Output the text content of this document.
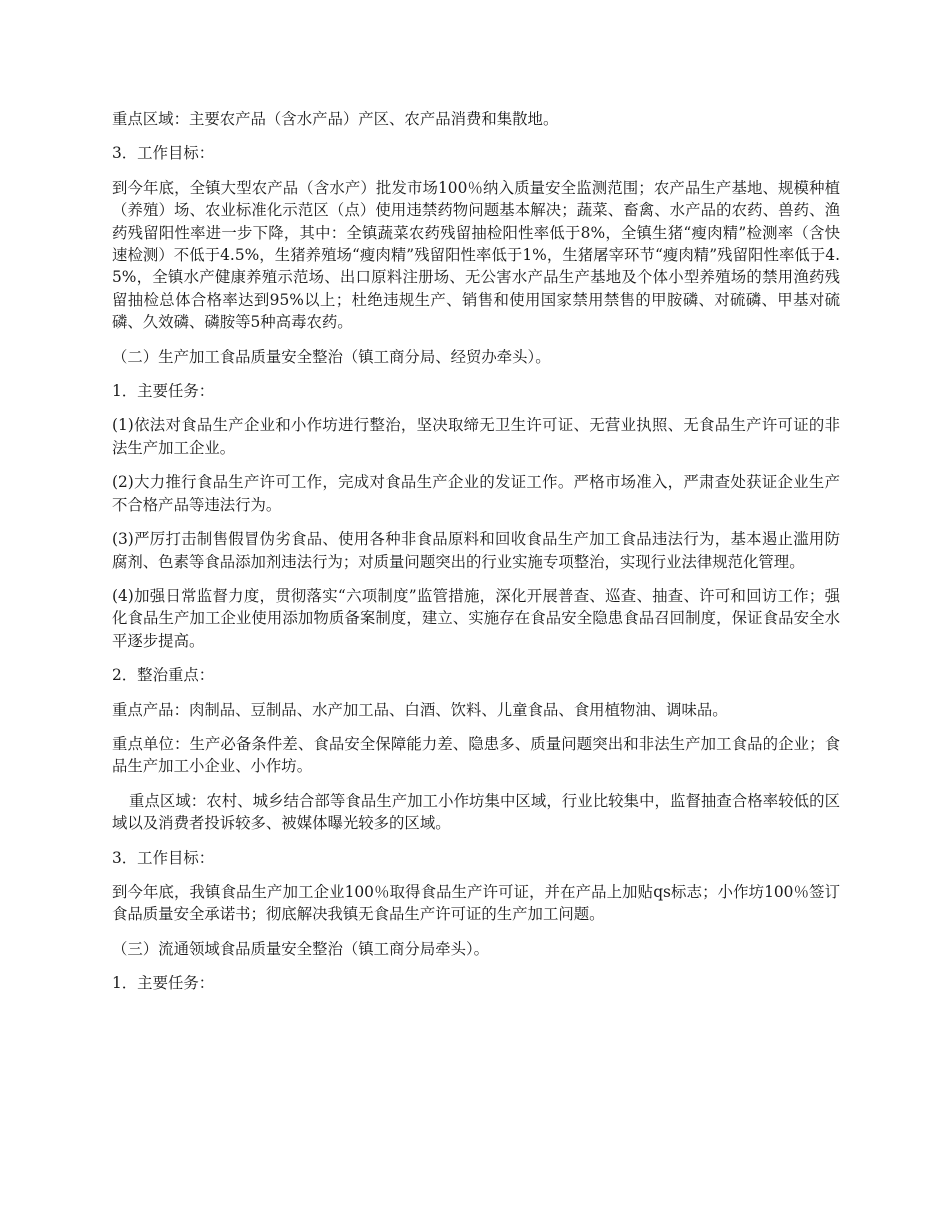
重点区域：主要农产品（含水产品）产区、农产品消费和集散地。

3．工作目标：

到今年底，全镇大型农产品（含水产）批发市场100％纳入质量安全监测范围；农产品生产基地、规模种植（养殖）场、农业标准化示范区（点）使用违禁药物问题基本解决；蔬菜、畜禽、水产品的农药、兽药、渔药残留阳性率进一步下降，其中：全镇蔬菜农药残留抽检阳性率低于8%，全镇生猪“瘦肉精”检测率（含快速检测）不低于4.5%，生猪养殖场“瘦肉精”残留阳性率低于1%，生猪屠宰环节“瘦肉精”残留阳性率低于4.5%，全镇水产健康养殖示范场、出口原料注册场、无公害水产品生产基地及个体小型养殖场的禁用渔药残留抽检总体合格率达到95%以上；杜绝违规生产、销售和使用国家禁用禁售的甲胺磷、对硫磷、甲基对硫磷、久效磷、磷胺等5种高毒农药。

（二）生产加工食品质量安全整治（镇工商分局、经贸办牵头）。

1．主要任务：

(1)依法对食品生产企业和小作坊进行整治，坚决取缔无卫生许可证、无营业执照、无食品生产许可证的非法生产加工企业。

(2)大力推行食品生产许可工作，完成对食品生产企业的发证工作。严格市场准入，严肃查处获证企业生产不合格产品等违法行为。

(3)严厉打击制售假冒伪劣食品、使用各种非食品原料和回收食品生产加工食品违法行为，基本遏止滥用防腐剂、色素等食品添加剂违法行为；对质量问题突出的行业实施专项整治，实现行业法律规范化管理。

(4)加强日常监督力度，贯彻落实“六项制度”监管措施，深化开展普查、巡查、抽查、许可和回访工作；强化食品生产加工企业使用添加物质备案制度，建立、实施存在食品安全隐患食品召回制度，保证食品安全水平逐步提高。

2．整治重点：

重点产品：肉制品、豆制品、水产加工品、白酒、饮料、儿童食品、食用植物油、调味品。

重点单位：生产必备条件差、食品安全保障能力差、隐患多、质量问题突出和非法生产加工食品的企业；食品生产加工小企业、小作坊。

重点区域：农村、城乡结合部等食品生产加工小作坊集中区域，行业比较集中，监督抽查合格率较低的区域以及消费者投诉较多、被媒体曝光较多的区域。

3．工作目标：

到今年底，我镇食品生产加工企业100％取得食品生产许可证，并在产品上加贴qs标志；小作坊100％签订食品质量安全承诺书；彻底解决我镇无食品生产许可证的生产加工问题。

（三）流通领域食品质量安全整治（镇工商分局牵头）。

1．主要任务：
